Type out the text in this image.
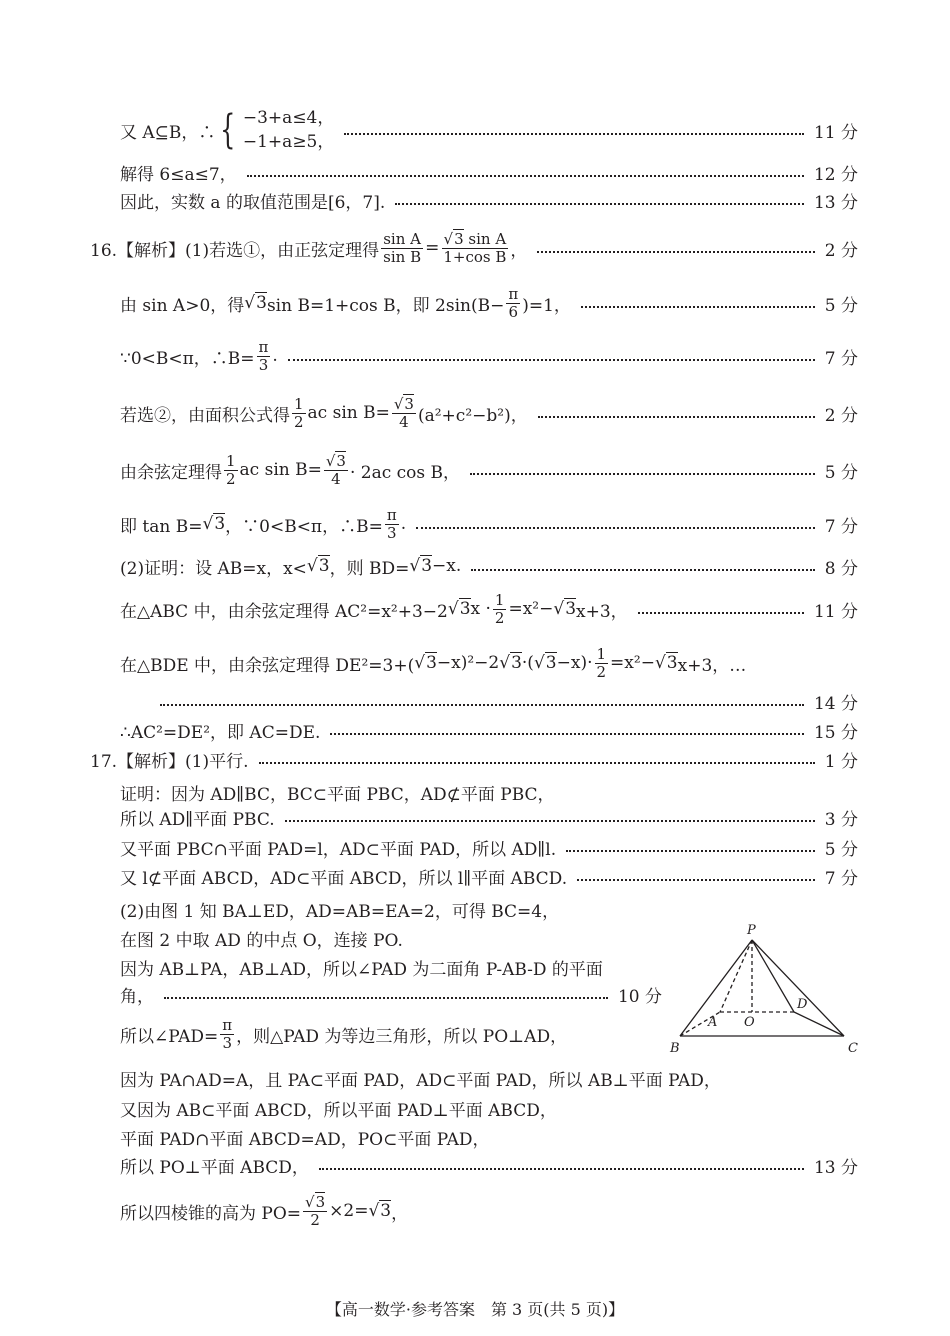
又 A⊆B，∴ { −3+a≤4，
−1+a≥5，	11 分
解得 6≤a≤7，	12 分
因此，实数 a 的取值范围是[6，7].	13 分
16.【解析】(1)若选①，由正弦定理得 $\frac{\text{sin A}}{\text{sin B}}$ = √ $\frac{\text{3 sin A}}{\text{1+cos B}}$ ，	2 分
由 sin A>0，得 √ 3 sin B=1+cos B，即 $2\sin(B- \frac{\pi}{6} )=1$，	5 分
∵0<B<π，∴B= $\frac{\pi}{3}$ .	7 分
若选②，由面积公式得 $\frac{1}{2}$ ac sin B= √ $\frac{3}{4} (a^2+c^2-b^2)$，	2 分
由余弦定理得 $\frac{1}{2}$ ac sin B= √ $\frac{3}{4} \cdot 2ac$ cos B，	5 分
即 tan B= √ 3 ，∵0<B<π，∴B= $\frac{\pi}{3}$ .	7 分
(2)证明：设 AB=x，x< √ 3 ，则 BD= √ 3 −x.	8 分
在△ABC 中，由余弦定理得 AC²=x²+3−2 √ 3 $x \cdot \frac{1}{2} =x^2-$ √ 3 x+3，	11 分
在△BDE 中，由余弦定理得 DE²=3+( √ 3 −x)²−2 √ 3 ·( √ $3 -x)\cdot \frac{1}{2} =x^2-$ √ 3 x+3，…
14 分
∴AC²=DE²，即 AC=DE.	15 分
17.【解析】(1)平行.	1 分
证明：因为 AD∥BC，BC⊂平面 PBC，AD⊄平面 PBC，
所以 AD∥平面 PBC.	3 分
又平面 PBC∩平面 PAD=l，AD⊂平面 PAD，所以 AD∥l.	5 分
又 l⊄平面 ABCD，AD⊂平面 ABCD，所以 l∥平面 ABCD.	7 分
(2)由图 1 知 BA⊥ED，AD=AB=EA=2，可得 BC=4，
在图 2 中取 AD 的中点 O，连接 PO.
因为 AB⊥PA，AB⊥AD，所以∠PAD 为二面角 P-AB-D 的平面
角，	10 分
所以∠PAD= $\frac{\pi}{3}$ ，则△PAD 为等边三角形，所以 PO⊥AD，
因为 PA∩AD=A，且 PA⊂平面 PAD，AD⊂平面 PAD，所以 AB⊥平面 PAD，
又因为 AB⊂平面 ABCD，所以平面 PAD⊥平面 ABCD，
平面 PAD∩平面 ABCD=AD，PO⊂平面 PAD，
所以 PO⊥平面 ABCD，	13 分
所以四棱锥的高为 PO= √ $\frac{3}{2} \times 2=$ √ 3 ，
P
A O
D
B	C
【高一数学·参考答案　第 3 页(共 5 页)】
